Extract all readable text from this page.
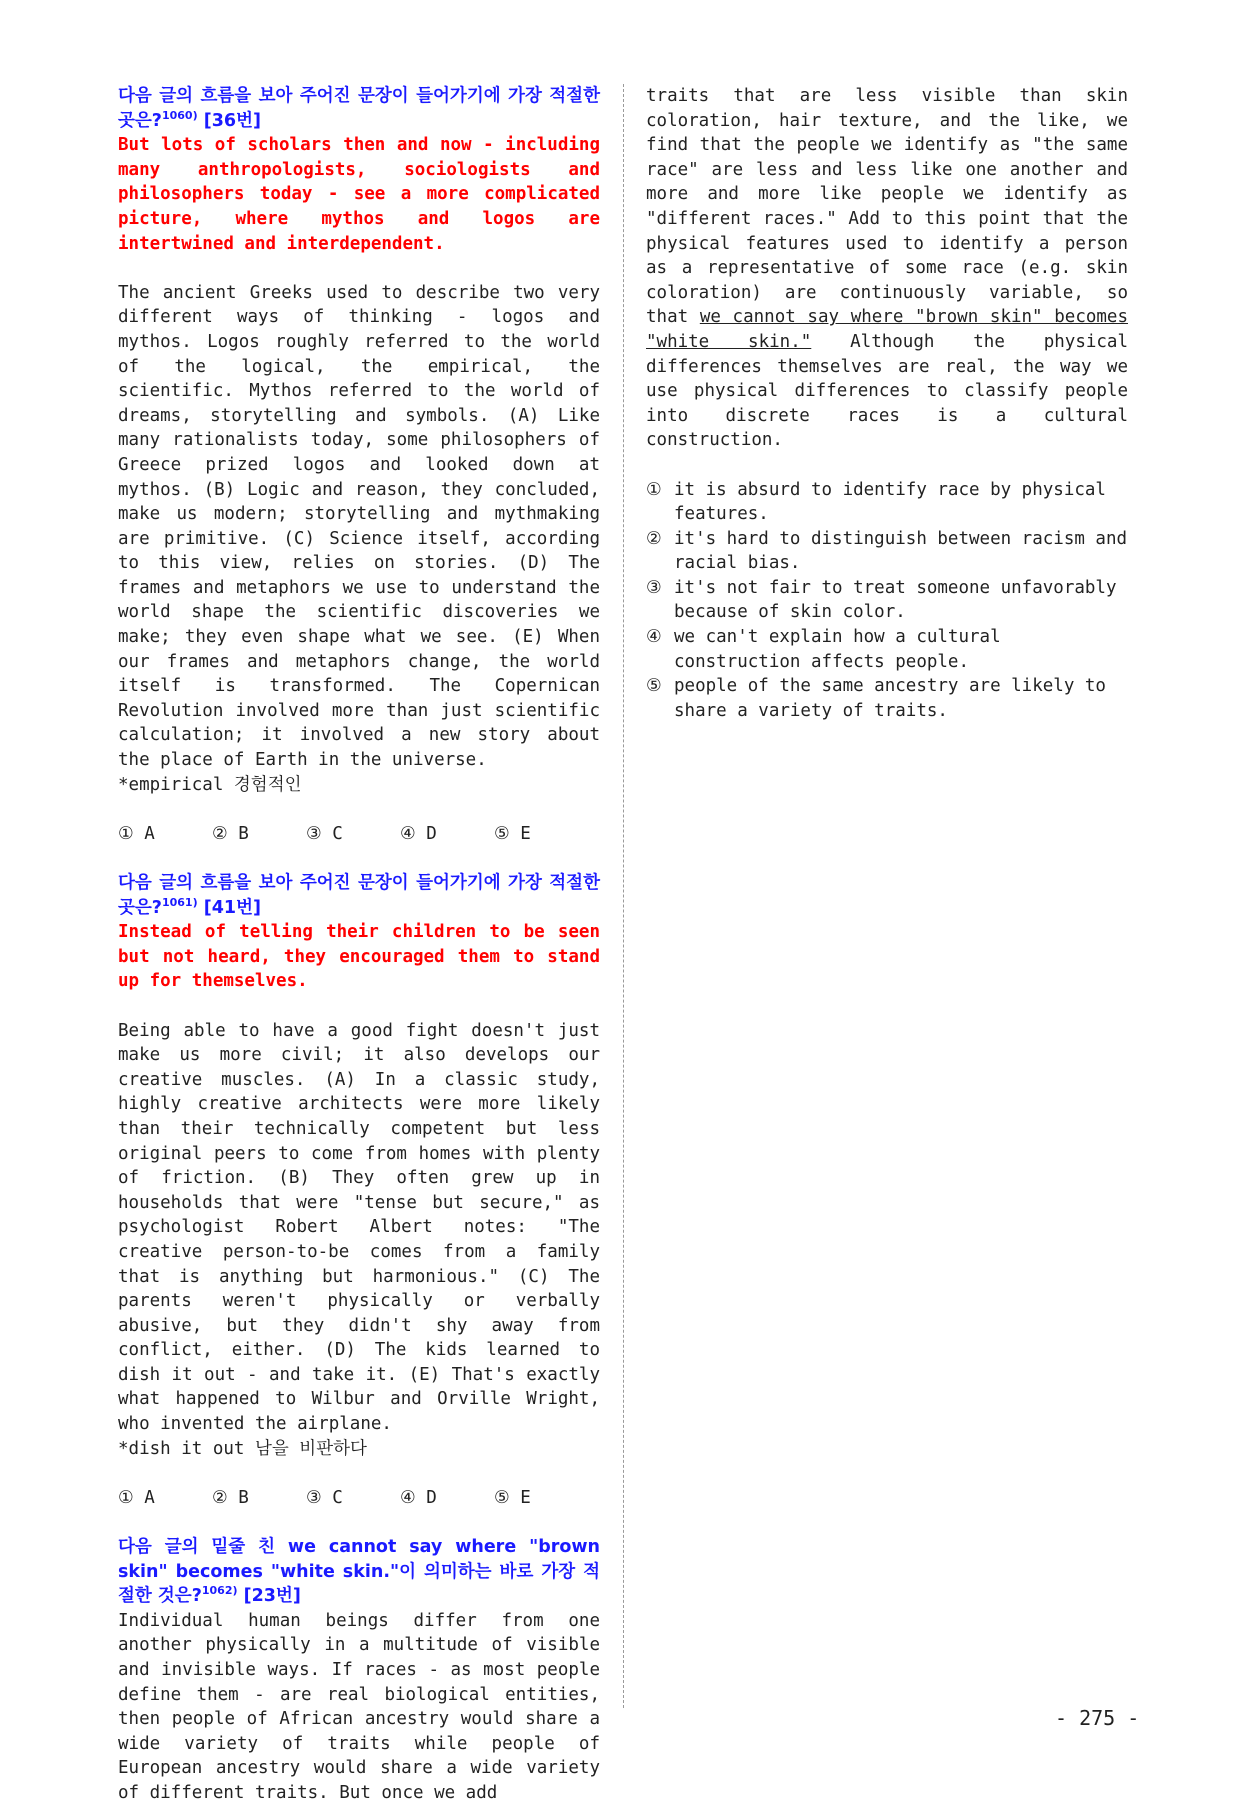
다음 글의 흐름을 보아 주어진 문장이 들어가기에 가장 적절한 곳은?$^{1060)}$ [36번]
But lots of scholars then and now - including many anthropologists, sociologists and philosophers today - see a more complicated picture, where mythos and logos are intertwined and interdependent.
The ancient Greeks used to describe two very different ways of thinking - logos and mythos. Logos roughly referred to the world of the logical, the empirical, the scientific. Mythos referred to the world of dreams, storytelling and symbols. (A) Like many rationalists today, some philosophers of Greece prized logos and looked down at mythos. (B) Logic and reason, they concluded, make us modern; storytelling and mythmaking are primitive. (C) Science itself, according to this view, relies on stories. (D) The frames and metaphors we use to understand the world shape the scientific discoveries we make; they even shape what we see. (E) When our frames and metaphors change, the world itself is transformed. The Copernican Revolution involved more than just scientific calculation; it involved a new story about the place of Earth in the universe.
*empirical 경험적인
① A	② B	③ C	④ D	⑤ E
다음 글의 흐름을 보아 주어진 문장이 들어가기에 가장 적절한 곳은?$^{1061)}$ [41번]
Instead of telling their children to be seen but not heard, they encouraged them to stand up for themselves.
Being able to have a good fight doesn't just make us more civil; it also develops our creative muscles. (A) In a classic study, highly creative architects were more likely than their technically competent but less original peers to come from homes with plenty of friction. (B) They often grew up in households that were "tense but secure," as psychologist Robert Albert notes: "The creative person-to-be comes from a family that is anything but harmonious." (C) The parents weren't physically or verbally abusive, but they didn't shy away from conflict, either. (D) The kids learned to dish it out - and take it. (E) That's exactly what happened to Wilbur and Orville Wright, who invented the airplane.
*dish it out 남을 비판하다
① A	② B	③ C	④ D	⑤ E
다음 글의 밑줄 친 we cannot say where "brown skin" becomes "white skin."이 의미하는 바로 가장 적절한 것은?$^{1062)}$ [23번]
Individual human beings differ from one another physically in a multitude of visible and invisible ways. If races - as most people define them - are real biological entities, then people of African ancestry would share a wide variety of traits while people of European ancestry would share a wide variety of different traits. But once we add
traits that are less visible than skin coloration, hair texture, and the like, we find that the people we identify as "the same race" are less and less like one another and more and more like people we identify as "different races." Add to this point that the physical features used to identify a person as a representative of some race (e.g. skin coloration) are continuously variable, so that we cannot say where "brown skin" becomes "white skin." Although the physical differences themselves are real, the way we use physical differences to classify people into discrete races is a cultural construction.
① it is absurd to identify race by physical features.
② it's hard to distinguish between racism and racial bias.
③ it's not fair to treat someone unfavorably because of skin color.
④ we can't explain how a cultural construction affects people.
⑤ people of the same ancestry are likely to share a variety of traits.
- 275 -
